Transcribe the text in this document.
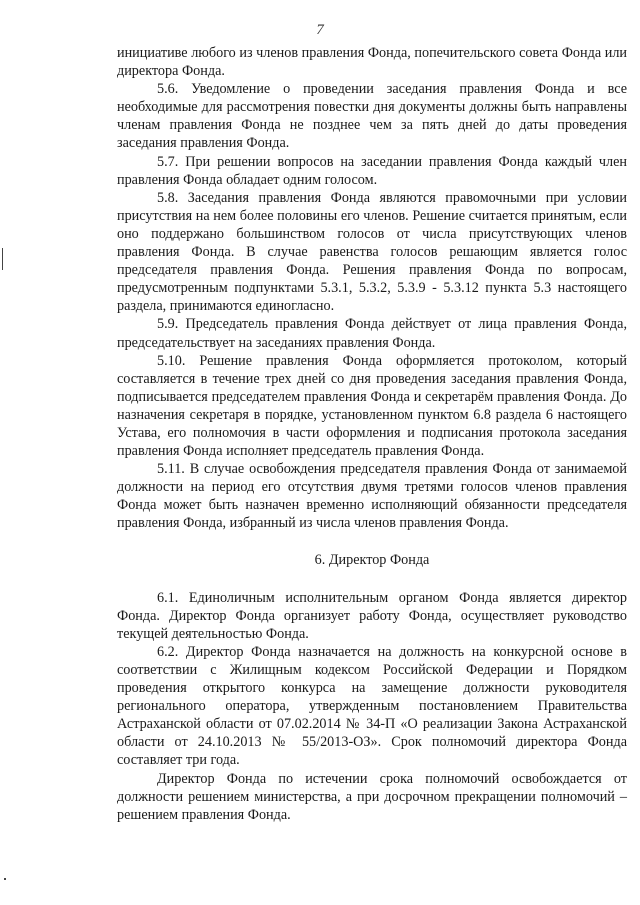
7

инициативе любого из членов правления Фонда, попечительского совета Фонда или директора Фонда.

5.6. Уведомление о проведении заседания правления Фонда и все необходимые для рассмотрения повестки дня документы должны быть направлены членам правления Фонда не позднее чем за пять дней до даты проведения заседания правления Фонда.

5.7. При решении вопросов на заседании правления Фонда каждый член правления Фонда обладает одним голосом.

5.8. Заседания правления Фонда являются правомочными при условии присутствия на нем более половины его членов. Решение считается принятым, если оно поддержано большинством голосов от числа присутствующих членов правления Фонда. В случае равенства голосов решающим является голос председателя правления Фонда. Решения правления Фонда по вопросам, предусмотренным подпунктами 5.3.1, 5.3.2, 5.3.9 - 5.3.12 пункта 5.3 настоящего раздела, принимаются единогласно.

5.9. Председатель правления Фонда действует от лица правления Фонда, председательствует на заседаниях правления Фонда.

5.10. Решение правления Фонда оформляется протоколом, который составляется в течение трех дней со дня проведения заседания правления Фонда, подписывается председателем правления Фонда и секретарём правления Фонда. До назначения секретаря в порядке, установленном пунктом 6.8 раздела 6 настоящего Устава, его полномочия в части оформления и подписания протокола заседания правления Фонда исполняет председатель правления Фонда.

5.11. В случае освобождения председателя правления Фонда от занимаемой должности на период его отсутствия двумя третями голосов членов правления Фонда может быть назначен временно исполняющий обязанности председателя правления Фонда, избранный из числа членов правления Фонда.

6. Директор Фонда

6.1. Единоличным исполнительным органом Фонда является директор Фонда. Директор Фонда организует работу Фонда, осуществляет руководство текущей деятельностью Фонда.

6.2. Директор Фонда назначается на должность на конкурсной основе в соответствии с Жилищным кодексом Российской Федерации и Порядком проведения открытого конкурса на замещение должности руководителя регионального оператора, утвержденным постановлением Правительства Астраханской области от 07.02.2014 № 34-П «О реализации Закона Астраханской области от 24.10.2013 № 55/2013-ОЗ». Срок полномочий директора Фонда составляет три года.

Директор Фонда по истечении срока полномочий освобождается от должности решением министерства, а при досрочном прекращении полномочий – решением правления Фонда.
